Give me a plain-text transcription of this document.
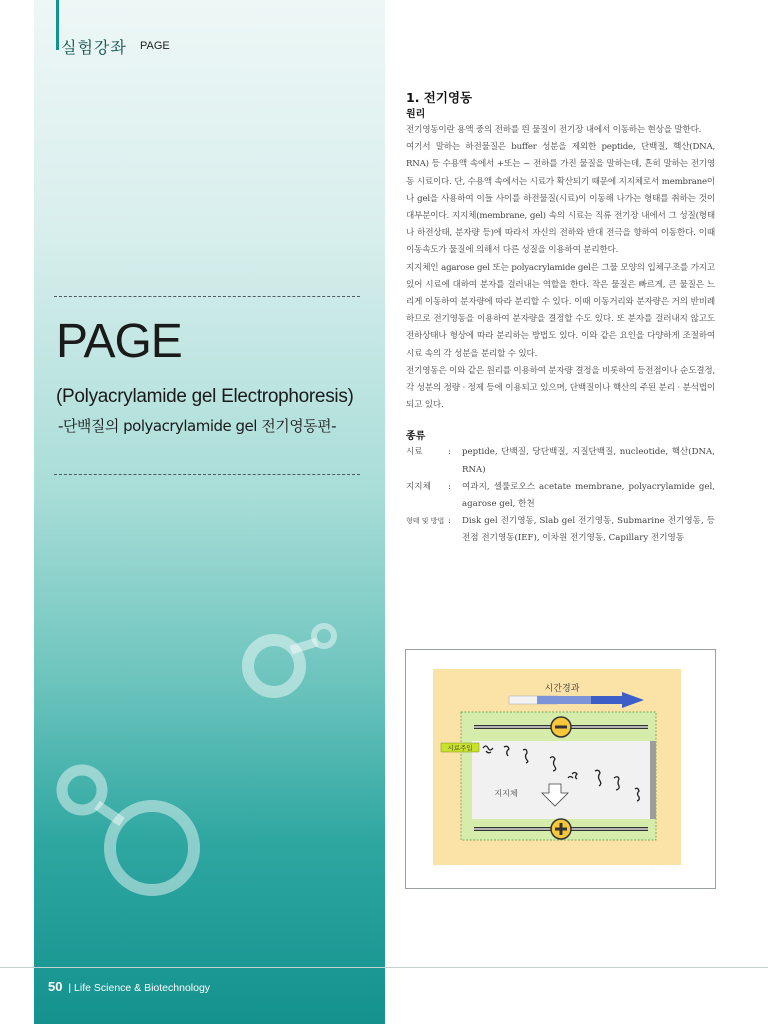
실험강좌 PAGE
PAGE
(Polyacrylamide gel Electrophoresis)
-단백질의 polyacrylamide gel 전기영동편-
1. 전기영동
원리

전기영동이란 용액 중의 전하를 띈 물질이 전기장 내에서 이동하는 현상을 말한다.

여기서 말하는 하전물질은 buffer 성분을 제외한 peptide, 단백질, 핵산(DNA, RNA) 등 수용액 속에서 +또는 − 전하를 가진 물질을 말하는데, 흔히 말하는 전기영동 시료이다. 단, 수용액 속에서는 시료가 확산되기 때문에 지지체로서 membrane이나 gel을 사용하여 이들 사이를 하전물질(시료)이 이동해 나가는 형태를 취하는 것이 대부분이다. 지지체(membrane, gel) 속의 시료는 직류 전기장 내에서 그 성질(형태나 하전상태, 분자량 등)에 따라서 자신의 전하와 반대 전극을 향하여 이동한다. 이때 이동속도가 물질에 의해서 다른 성질을 이용하여 분리한다.

지지체인 agarose gel 또는 polyacrylamide gel은 그물 모양의 입체구조를 가지고 있어 시료에 대하여 분자를 걸러내는 역할을 한다. 작은 물질은 빠르게, 큰 물질은 느리게 이동하여 분자량에 따라 분리할 수 있다. 이때 이동거리와 분자량은 거의 반비례하므로 전기영동을 이용하여 분자량을 결정할 수도 있다. 또 분자를 걸러내지 않고도 전하상태나 형상에 따라 분리하는 방법도 있다. 이와 같은 요인을 다양하게 조절하여 시료 속의 각 성분을 분리할 수 있다.

전기영동은 이와 같은 원리를 이용하여 분자량 결정을 비롯하여 등전점이나 순도결정, 각 성분의 정량 · 정제 등에 이용되고 있으며, 단백질이나 핵산의 주된 분리 · 분석법이 되고 있다.

종류
시료	:	peptide, 단백질, 당단백질, 지질단백질, nucleotide, 핵산(DNA, RNA)
지지체	:	여과지, 셀룰로오스 acetate membrane, polyacrylamide gel, agarose gel, 한천
형태 및 방법 :	Disk gel 전기영동, Slab gel 전기영동, Submarine 전기영동, 등전점 전기영동(IEF), 이차원 전기영동, Capillary 전기영동
시간경과
시료주입
지지체
50 | Life Science & Biotechnology
